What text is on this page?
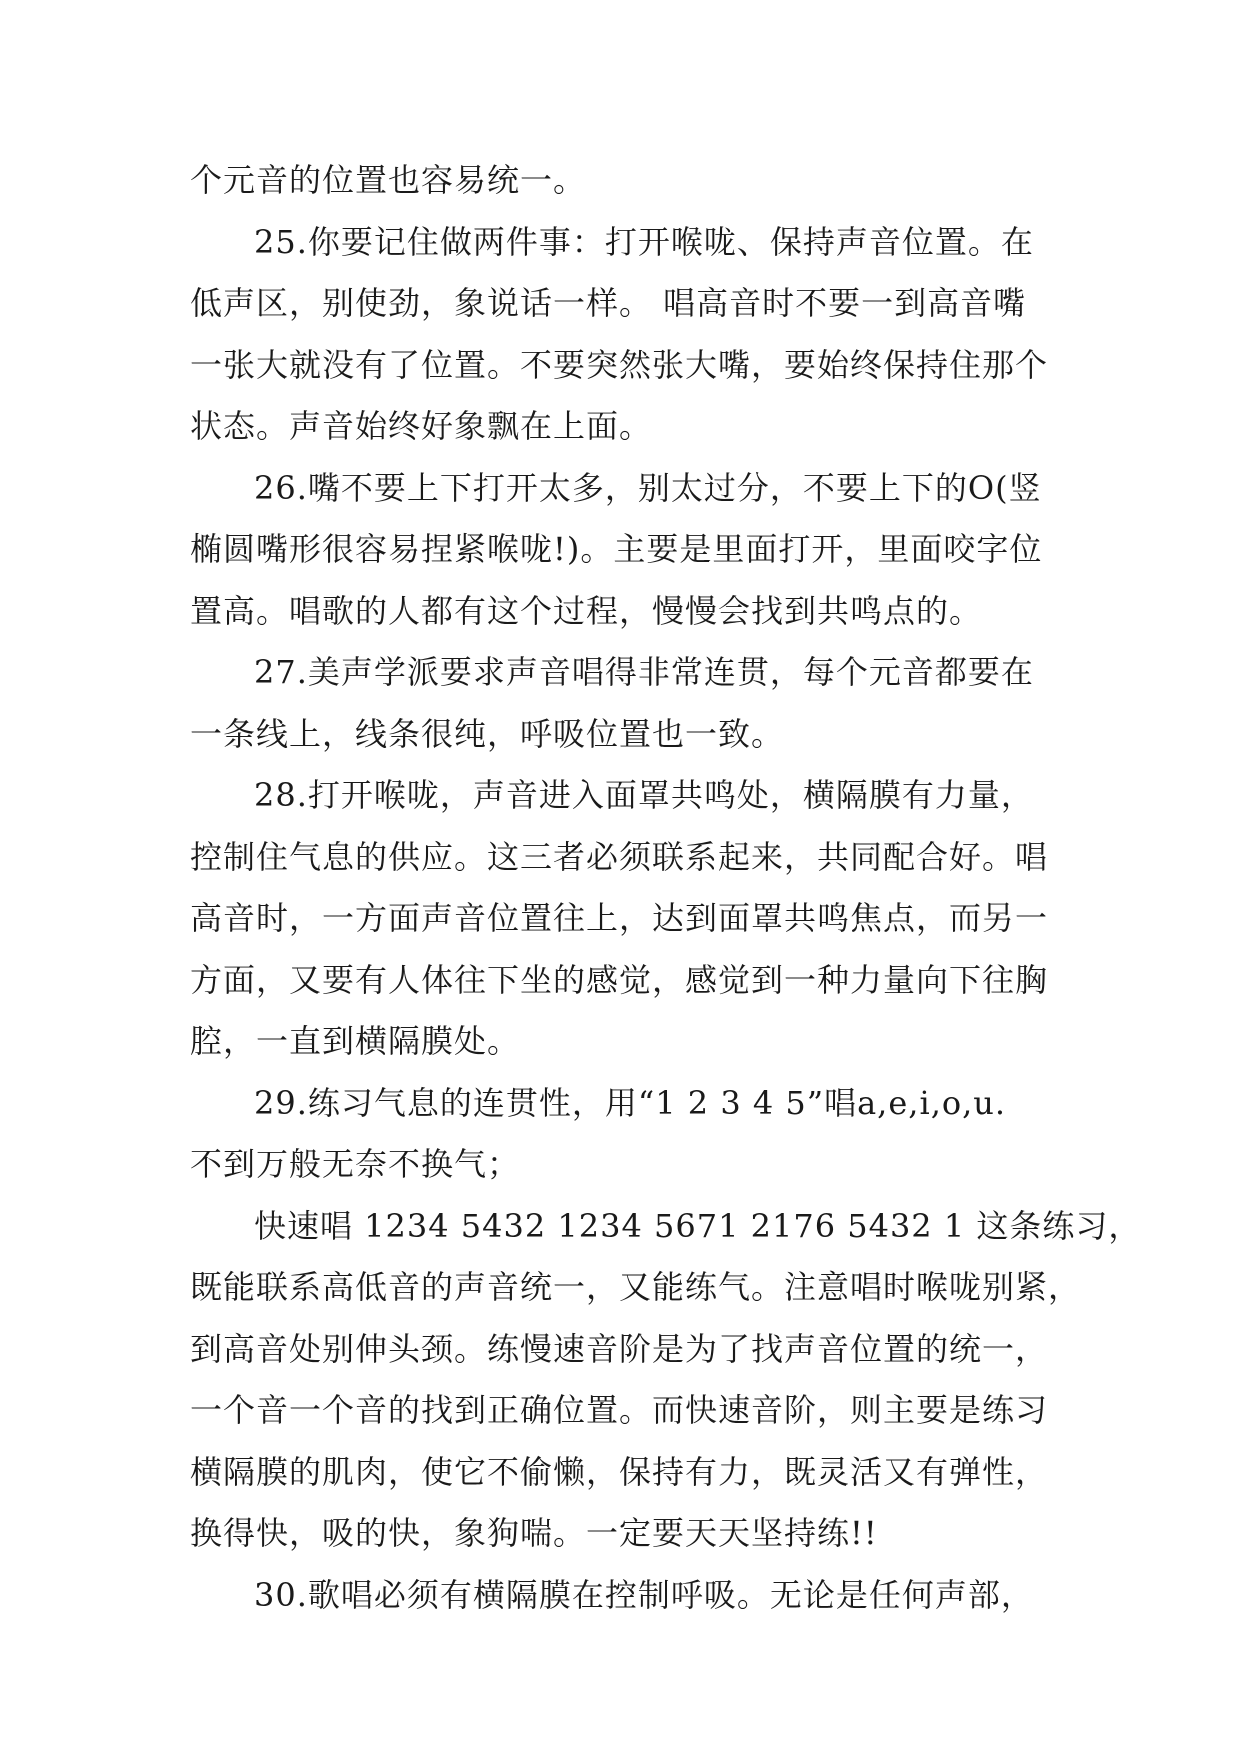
个元音的位置也容易统一。
25.你要记住做两件事：打开喉咙、保持声音位置。在
低声区，别使劲，象说话一样。 唱高音时不要一到高音嘴
一张大就没有了位置。不要突然张大嘴，要始终保持住那个
状态。声音始终好象飘在上面。
26.嘴不要上下打开太多，别太过分，不要上下的O(竖
椭圆嘴形很容易捏紧喉咙!)。主要是里面打开，里面咬字位
置高。唱歌的人都有这个过程，慢慢会找到共鸣点的。
27.美声学派要求声音唱得非常连贯，每个元音都要在
一条线上，线条很纯，呼吸位置也一致。
28.打开喉咙，声音进入面罩共鸣处，横隔膜有力量，
控制住气息的供应。这三者必须联系起来，共同配合好。唱
高音时，一方面声音位置往上，达到面罩共鸣焦点，而另一
方面，又要有人体往下坐的感觉，感觉到一种力量向下往胸
腔，一直到横隔膜处。
29.练习气息的连贯性，用“1 2 3 4 5”唱a,e,i,o,u.
不到万般无奈不换气；
快速唱 1234 5432 1234 5671 2176 5432 1 这条练习，
既能联系高低音的声音统一，又能练气。注意唱时喉咙别紧，
到高音处别伸头颈。练慢速音阶是为了找声音位置的统一，
一个音一个音的找到正确位置。而快速音阶，则主要是练习
横隔膜的肌肉，使它不偷懒，保持有力，既灵活又有弹性，
换得快，吸的快，象狗喘。一定要天天坚持练!!
30.歌唱必须有横隔膜在控制呼吸。无论是任何声部，
